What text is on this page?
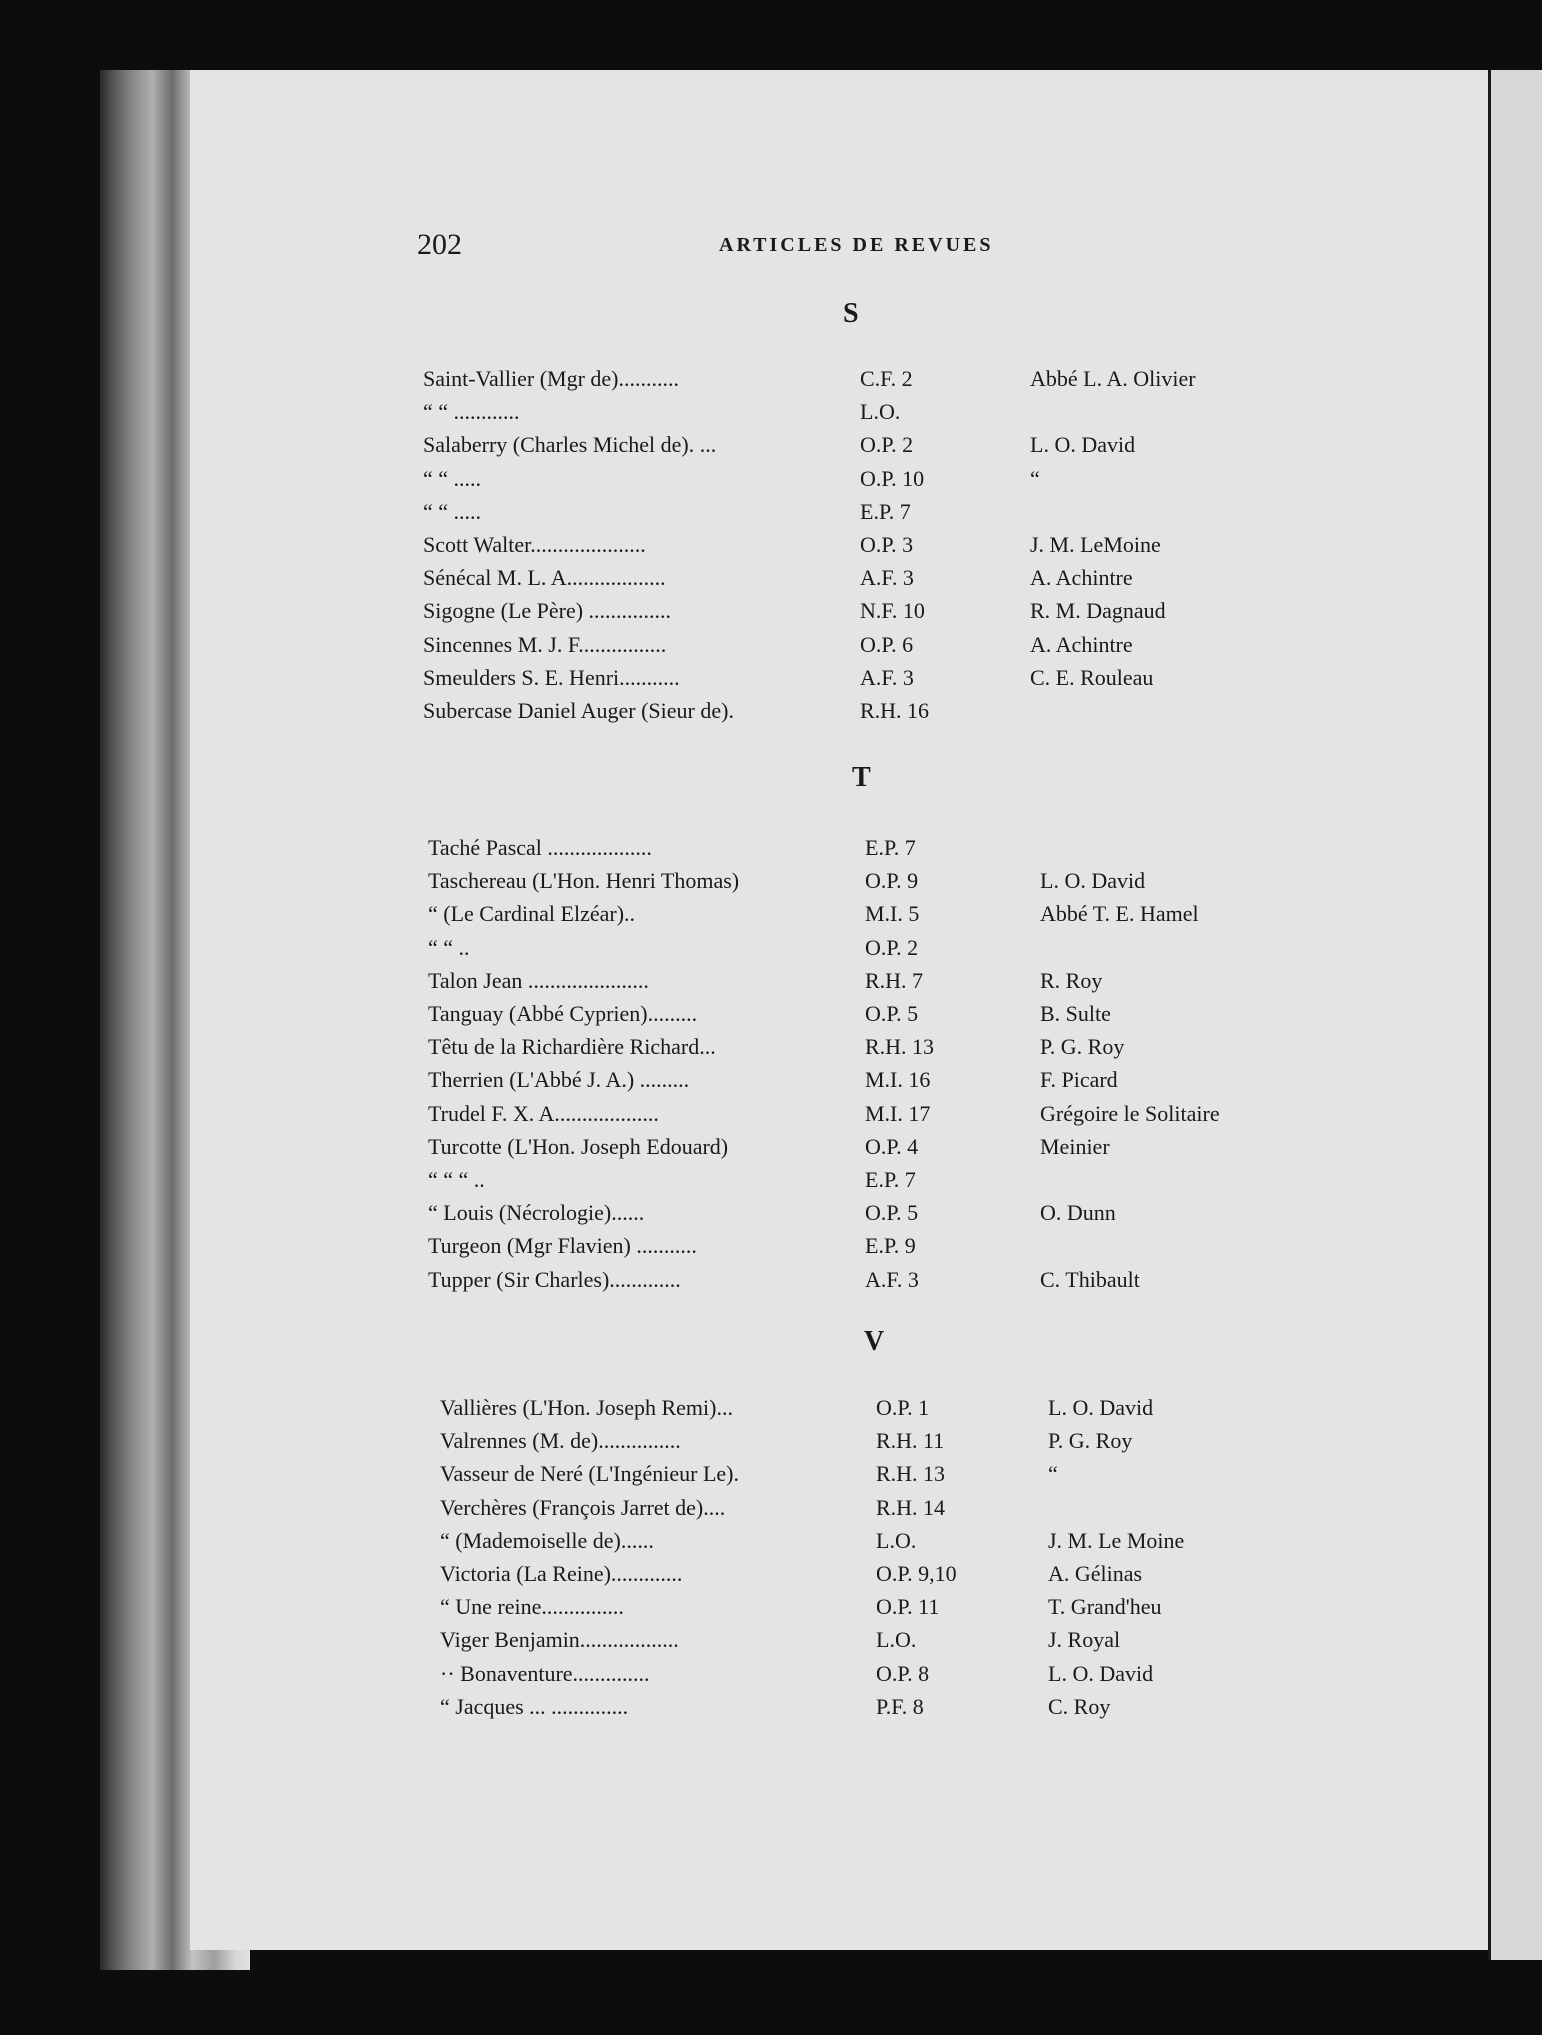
202	ARTICLES DE REVUES
S
T
V
Saint-Vallier (Mgr de)...........	C.F. 2	Abbé L. A. Olivier
“ “ ............	L.O.
Salaberry (Charles Michel de). ...	O.P. 2	L. O. David
“ “ .....	O.P. 10	“
“ “ .....	E.P. 7
Scott Walter.....................	O.P. 3	J. M. LeMoine
Sénécal M. L. A..................	A.F. 3	A. Achintre
Sigogne (Le Père) ...............	N.F. 10	R. M. Dagnaud
Sincennes M. J. F................	O.P. 6	A. Achintre
Smeulders S. E. Henri...........	A.F. 3	C. E. Rouleau
Subercase Daniel Auger (Sieur de).	R.H. 16
Taché Pascal ...................	E.P. 7
Taschereau (L'Hon. Henri Thomas)	O.P. 9	L. O. David
“ (Le Cardinal Elzéar)..	M.I. 5	Abbé T. E. Hamel
“ “ ..	O.P. 2
Talon Jean ......................	R.H. 7	R. Roy
Tanguay (Abbé Cyprien).........	O.P. 5	B. Sulte
Têtu de la Richardière Richard...	R.H. 13	P. G. Roy
Therrien (L'Abbé J. A.) .........	M.I. 16	F. Picard
Trudel F. X. A...................	M.I. 17	Grégoire le Solitaire
Turcotte (L'Hon. Joseph Edouard)	O.P. 4	Meinier
“ “ “ ..	E.P. 7
“ Louis (Nécrologie)......	O.P. 5	O. Dunn
Turgeon (Mgr Flavien) ...........	E.P. 9
Tupper (Sir Charles).............	A.F. 3	C. Thibault
Vallières (L'Hon. Joseph Remi)...	O.P. 1	L. O. David
Valrennes (M. de)...............	R.H. 11	P. G. Roy
Vasseur de Neré (L'Ingénieur Le).	R.H. 13	“
Verchères (François Jarret de)....	R.H. 14
“ (Mademoiselle de)......	L.O.	J. M. Le Moine
Victoria (La Reine).............	O.P. 9,10	A. Gélinas
“ Une reine...............	O.P. 11	T. Grand'heu
Viger Benjamin..................	L.O.	J. Royal
·· Bonaventure..............	O.P. 8	L. O. David
“ Jacques ... ..............	P.F. 8	C. Roy
